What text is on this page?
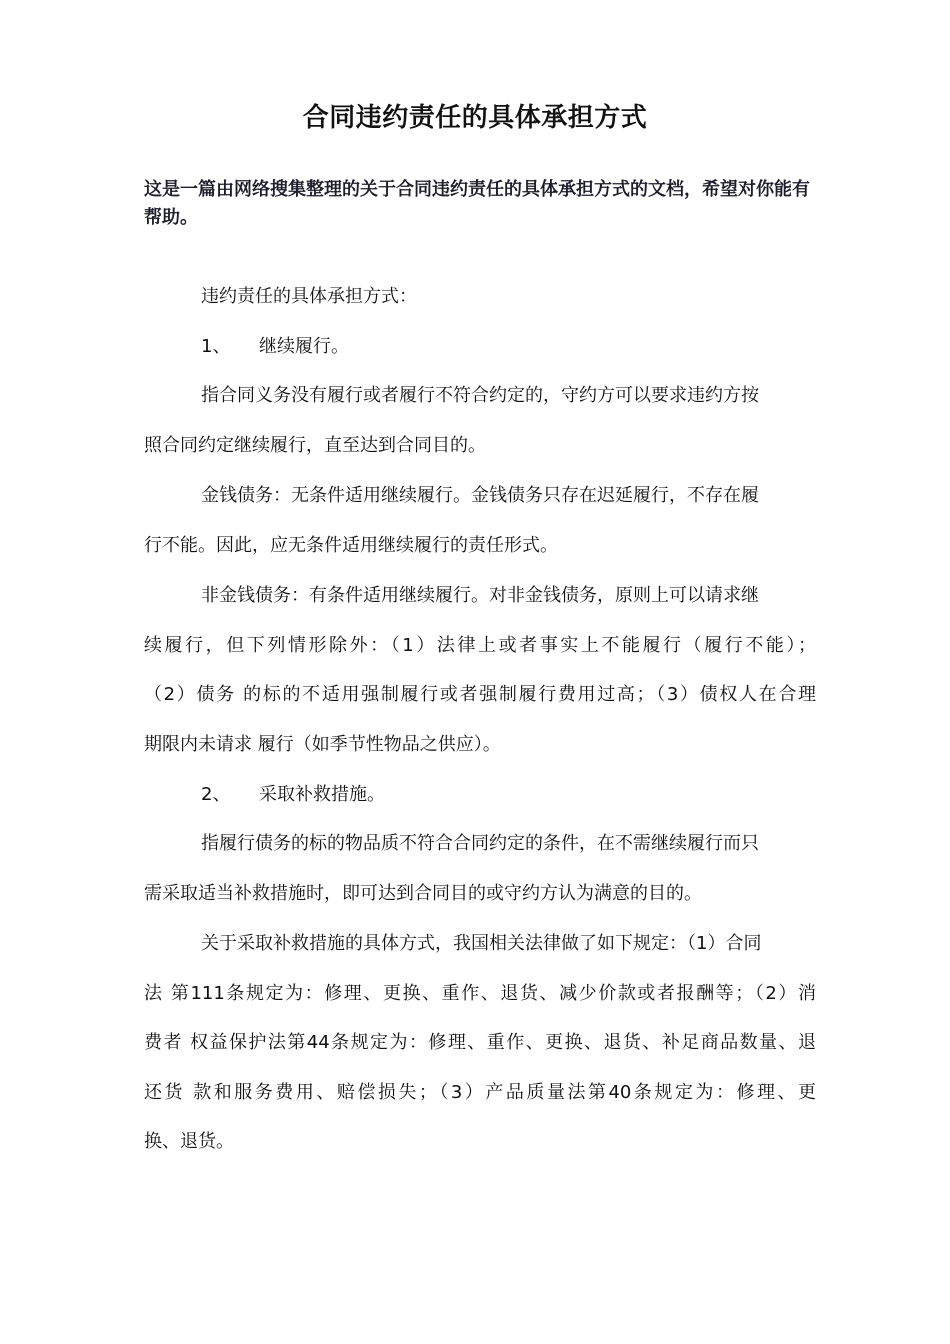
合同违约责任的具体承担方式
这是一篇由网络搜集整理的关于合同违约责任的具体承担方式的文档，希望对你能有帮助。
违约责任的具体承担方式：
1、 继续履行。
指合同义务没有履行或者履行不符合约定的，守约方可以要求违约方按
照合同约定继续履行，直至达到合同目的。
金钱债务：无条件适用继续履行。金钱债务只存在迟延履行，不存在履
行不能。因此，应无条件适用继续履行的责任形式。
非金钱债务：有条件适用继续履行。对非金钱债务，原则上可以请求继
续履行，但下列情形除外：（1）法律上或者事实上不能履行（履行不能）；
（2）债务 的标的不适用强制履行或者强制履行费用过高；（3）债权人在合理
期限内未请求 履行（如季节性物品之供应）。
2、 采取补救措施。
指履行债务的标的物品质不符合合同约定的条件，在不需继续履行而只
需采取适当补救措施时，即可达到合同目的或守约方认为满意的目的。
关于采取补救措施的具体方式，我国相关法律做了如下规定：（1）合同
法 第111条规定为：修理、更换、重作、退货、减少价款或者报酬等；（2）消
费者 权益保护法第44条规定为：修理、重作、更换、退货、补足商品数量、退
还货 款和服务费用、赔偿损失；（3）产品质量法第40条规定为：修理、更
换、退货。
